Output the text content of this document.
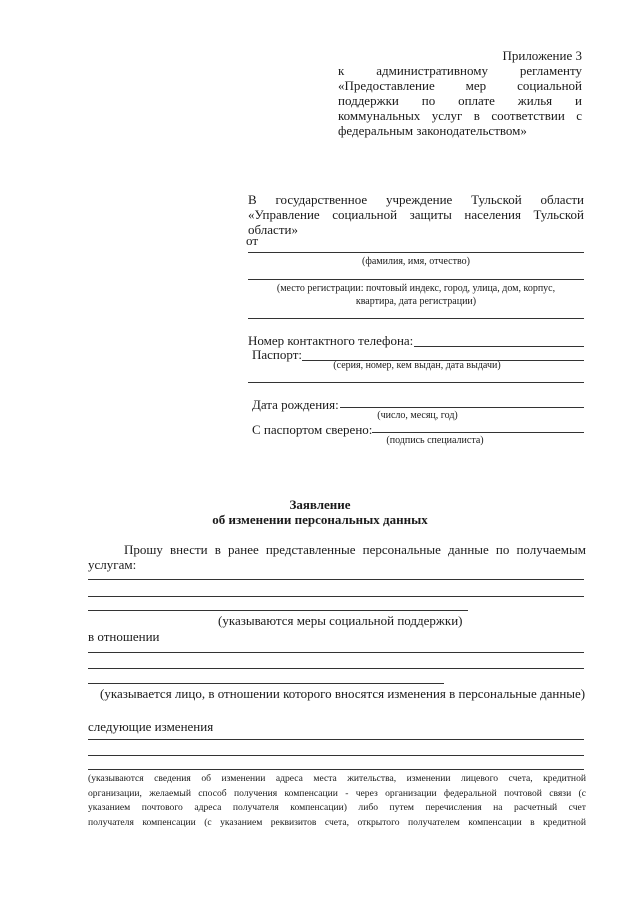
Приложение 3
к административному регламенту
«Предоставление мер социальной
поддержки по оплате жилья и
коммунальных услуг в соответствии с
федеральным законодательством»
В государственное учреждение Тульской области
«Управление социальной защиты населения Тульской
области»
от
(фамилия, имя, отчество)
(место регистрации: почтовый индекс, город, улица, дом, корпус,
квартира, дата регистрации)
Номер контактного телефона:
Паспорт:
(серия, номер, кем выдан, дата выдачи)
Дата рождения:
(число, месяц, год)
С паспортом сверено:
(подпись специалиста)
Заявление
об изменении персональных данных
Прошу внести в ранее представленные персональные данные по получаемым
услугам:
(указываются меры социальной поддержки)
в отношении
(указывается лицо, в отношении которого вносятся изменения в персональные данные)
следующие изменения
(указываются сведения об изменении адреса места жительства, изменении лицевого счета, кредитной
организации, желаемый способ получения компенсации - через организации федеральной почтовой связи (с
указанием почтового адреса получателя компенсации) либо путем перечисления на расчетный счет
получателя компенсации (с указанием реквизитов счета, открытого получателем компенсации в кредитной
